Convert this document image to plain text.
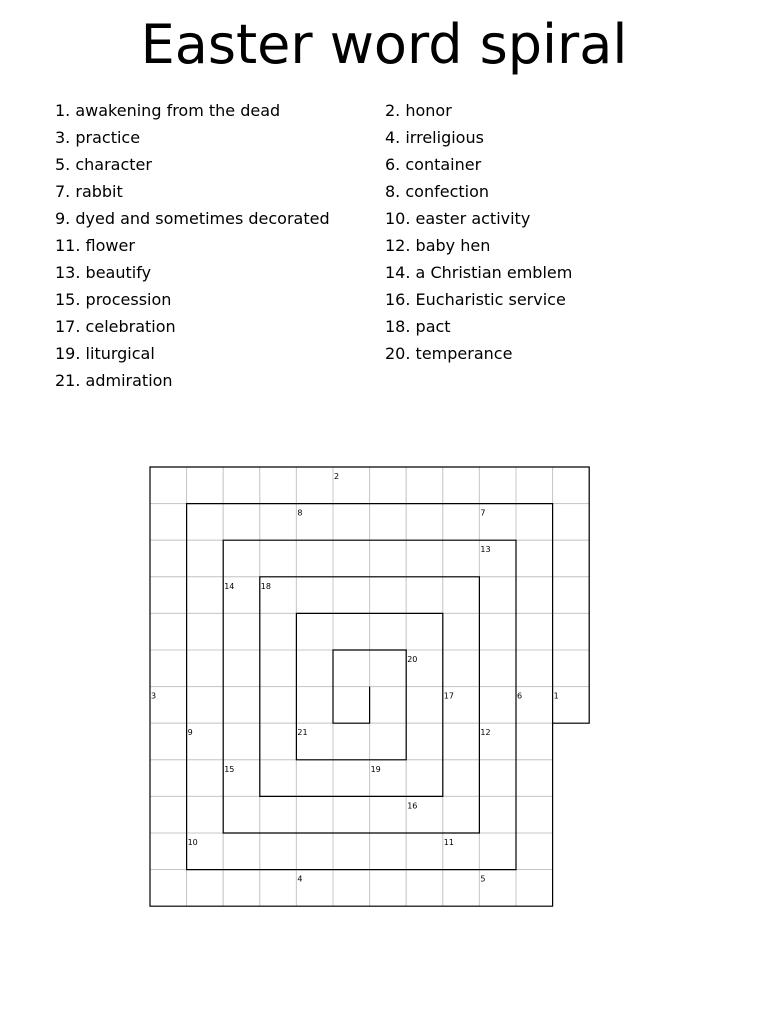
Easter word spiral
1. awakening from the dead	2. honor
3. practice	4. irreligious
5. character	6. container
7. rabbit	8. confection
9. dyed and sometimes decorated	10. easter activity
11. flower	12. baby hen
13. beautify	14. a Christian emblem
15. procession	16. Eucharistic service
17. celebration	18. pact
19. liturgical	20. temperance
21. admiration
1
2
3
4	5
6
7
8
9
10	11
12
13
14
15
16
17
18
19
20
21
